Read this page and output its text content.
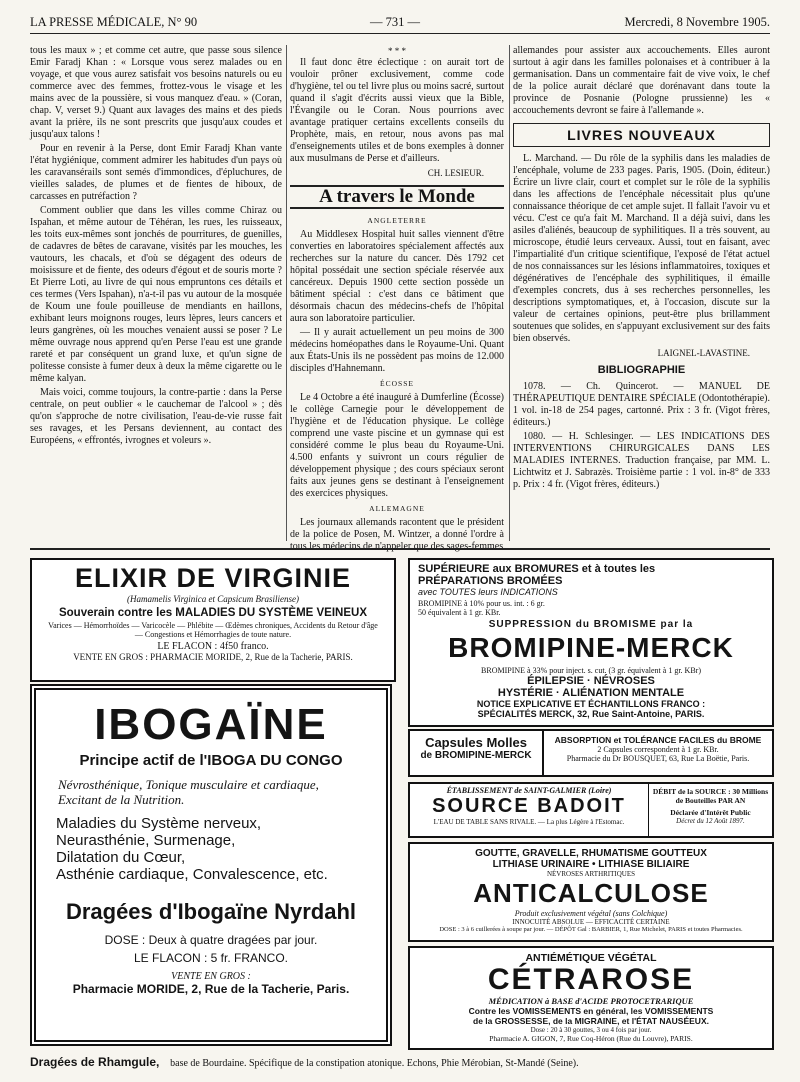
LA PRESSE MÉDICALE, N° 90	— 731 —	Mercredi, 8 Novembre 1905.

tous les maux » ; et comme cet autre, que passe sous silence Emir Faradj Khan : « Lorsque vous serez malades ou en voyage, et que vous aurez satisfait vos besoins naturels ou eu commerce avec des femmes, frottez-vous le visage et les mains avec de la poussière, si vous manquez d'eau. » (Coran, chap. V, verset 9.) Quant aux lavages des mains et des pieds avant la prière, ils ne sont prescrits que jusqu'aux coudes et jusqu'aux talons !

Pour en revenir à la Perse, dont Emir Faradj Khan vante l'état hygiénique, comment admirer les habitudes d'un pays où les caravansérails sont semés d'immondices, d'épluchures, de vieilles salades, de plumes et de fientes de hiboux, de carcasses en putréfaction ?

Comment oublier que dans les villes comme Chiraz ou Ispahan, et même autour de Téhéran, les rues, les ruisseaux, les toits eux-mêmes sont jonchés de pourritures, de guenilles, de cadavres de bêtes de caravane, visités par les mouches, les vautours, les chacals, et d'où se dégagent des odeurs de moisissure et de fiente, des odeurs d'égout et de souris morte ? Et Pierre Loti, au livre de qui nous empruntons ces détails et ces termes (Vers Ispahan), n'a-t-il pas vu autour de la mosquée de Koum une foule pouilleuse de mendiants en haillons, exhibant leurs moignons rouges, leurs lèpres, leurs cancers et leurs gangrènes, où les mouches venaient aussi se poser ? Le même ouvrage nous apprend qu'en Perse l'eau est une grande rareté et par conséquent un grand luxe, et qu'un signe de politesse consiste à fumer deux à deux la même cigarette ou le même kalyan.

Mais voici, comme toujours, la contre-partie : dans la Perse centrale, on peut oublier « le cauchemar de l'alcool » ; dès qu'on s'approche de notre civilisation, l'eau-de-vie russe fait ses ravages, et les Persans deviennent, au contact des Européens, « effrontés, ivrognes et voleurs ».

* * *

Il faut donc être éclectique : on aurait tort de vouloir prôner exclusivement, comme code d'hygiène, tel ou tel livre plus ou moins sacré, surtout quand il s'agit d'écrits aussi vieux que la Bible, l'Évangile ou le Coran. Nous pourrions avec avantage pratiquer certains excellents conseils du Prophète, mais, en retour, nous avons pas mal d'enseignements utiles et de bons exemples à donner aux musulmans de Perse et d'ailleurs.

CH. LESIEUR.
A travers le Monde
ANGLETERRE

Au Middlesex Hospital huit salles viennent d'être converties en laboratoires spécialement affectés aux recherches sur la nature du cancer. Dès 1792 cet hôpital possédait une section spéciale réservée aux cancéreux. Depuis 1900 cette section possède un bâtiment spécial : c'est dans ce bâtiment que désormais chacun des médecins-chefs de l'hôpital aura son laboratoire particulier.

— Il y aurait actuellement un peu moins de 300 médecins homéopathes dans le Royaume-Uni. Quant aux États-Unis ils ne possèdent pas moins de 12.000 disciples d'Hahnemann.

ÉCOSSE

Le 4 Octobre a été inauguré à Dumferline (Écosse) le collège Carnegie pour le développement de l'hygiène et de l'éducation physique. Le collège comprend une vaste piscine et un gymnase qui est considéré comme le plus beau du Royaume-Uni. 4.500 enfants y suivront un cours régulier de développement physique ; des cours spéciaux seront faits aux jeunes gens se destinant à l'enseignement des exercices physiques.

ALLEMAGNE

Les journaux allemands racontent que le président de la police de Posen, M. Wintzer, a donné l'ordre à tous les médecins de n'appeler que des sages-femmes

allemandes pour assister aux accouchements. Elles auront surtout à agir dans les familles polonaises et à contribuer à la germanisation. Dans un commentaire fait de vive voix, le chef de la police aurait déclaré que dorénavant dans toute la province de Posnanie (Pologne prussienne) les « accouchements devront se faire à l'allemande ».

LIVRES NOUVEAUX

L. Marchand. — Du rôle de la syphilis dans les maladies de l'encéphale, volume de 233 pages. Paris, 1905. (Doin, éditeur.) Écrire un livre clair, court et complet sur le rôle de la syphilis dans les affections de l'encéphale nécessitait plus qu'une connaissance théorique de cet ample sujet. Il fallait l'avoir vu et vécu. C'est ce qu'a fait M. Marchand. Il a déjà suivi, dans les asiles d'aliénés, beaucoup de syphilitiques. Il a très souvent, au microscope, étudié leurs cerveaux. Aussi, tout en faisant, avec l'impartialité d'un critique scientifique, l'exposé de l'état actuel de nos connaissances sur les lésions inflammatoires, toxiques et dégénératives de l'encéphale des syphilitiques, il émaille d'exemples concrets, dus à ses recherches personnelles, les descriptions symptomatiques, et, à l'occasion, discute sur la valeur de certaines opinions, peut-être plus brillamment soutenues que solides, en s'appuyant exclusivement sur des faits bien observés.

LAIGNEL-LAVASTINE.
BIBLIOGRAPHIE

1078. — Ch. Quincerot. — MANUEL DE THÉRAPEUTIQUE DENTAIRE SPÉCIALE (Odontothérapie). 1 vol. in-18 de 254 pages, cartonné. Prix : 3 fr. (Vigot frères, éditeurs.)

1080. — H. Schlesinger. — LES INDICATIONS DES INTERVENTIONS CHIRURGICALES DANS LES MALADIES INTERNES. Traduction française, par MM. L. Lichtwitz et J. Sabrazès. Troisième partie : 1 vol. in-8° de 333 p. Prix : 4 fr. (Vigot frères, éditeurs.)

ELIXIR DE VIRGINIE
(Hamamelis Virginica et Capsicum Brasiliense)
Souverain contre les MALADIES DU SYSTÈME VEINEUX
Varices — Hémorrhoïdes — Varicocèle — Phlébite — Œdèmes chroniques, Accidents du Retour d'âge — Congestions et Hémorrhagies de toute nature.
LE FLACON : 4f50 franco.
VENTE EN GROS : PHARMACIE MORIDE, 2, Rue de la Tacherie, PARIS.
IBOGAÏNE
Principe actif de l'IBOGA DU CONGO
Névrosthénique, Tonique musculaire et cardiaque, Excitant de la Nutrition.
Maladies du Système nerveux,
Neurasthénie, Surmenage,
Dilatation du Cœur,
Asthénie cardiaque, Convalescence, etc.
Dragées d'Ibogaïne Nyrdahl
DOSE : Deux à quatre dragées par jour.
LE FLACON : 5 fr. FRANCO.
VENTE EN GROS :
Pharmacie MORIDE, 2, Rue de la Tacherie, Paris.
SUPÉRIEURE aux BROMURES et à toutes les
PRÉPARATIONS BROMÉES
avec TOUTES leurs INDICATIONS
BROMIPINE à 10% pour us. int. : 6 gr. 50 équivalent à 1 gr. KBr.
SUPPRESSION du BROMISME par la
BROMIPINE-MERCK
BROMIPINE à 33% pour inject. s. cut. (3 gr. équivalent à 1 gr. KBr)
ÉPILEPSIE · NÉVROSES
HYSTÉRIE · ALIÉNATION MENTALE
NOTICE EXPLICATIVE ET ÉCHANTILLONS FRANCO :
SPÉCIALITÉS MERCK, 32, Rue Saint-Antoine, PARIS.
Capsules Molles
de BROMIPINE-MERCK
ABSORPTION et TOLÉRANCE FACILES du BROME
2 Capsules correspondent à 1 gr. KBr.
Pharmacie du Dr BOUSQUET, 63, Rue La Boëtie, Paris.
ÉTABLISSEMENT de SAINT-GALMIER (Loire)
SOURCE BADOIT
L'EAU DE TABLE SANS RIVALE. — La plus Légère à l'Estomac.
DÉBIT de la SOURCE : 30 Millions de Bouteilles PAR AN
Déclarée d'Intérêt Public
Décret du 12 Août 1897.
GOUTTE, GRAVELLE, RHUMATISME GOUTTEUX
LITHIASE URINAIRE • LITHIASE BILIAIRE
NÉVROSES ARTHRITIQUES
ANTICALCULOSE
Produit exclusivement végétal (sans Colchique)
INNOCUITÉ ABSOLUE — EFFICACITÉ CERTAINE
DOSE : 3 à 6 cuillerées à soupe par jour. — DÉPÔT Gal : BARBIER, 1, Rue Michelet, PARIS et toutes Pharmacies.
ANTIÉMÉTIQUE VÉGÉTAL
CÉTRAROSE
MÉDICATION à BASE d'ACIDE PROTOCETRARIQUE
Contre les VOMISSEMENTS en général, les VOMISSEMENTS
de la GROSSESSE, de la MIGRAINE, et l'ÉTAT NAUSÉEUX.
Dose : 20 à 30 gouttes, 3 ou 4 fois par jour.
Pharmacie A. GIGON, 7, Rue Coq-Héron (Rue du Louvre), PARIS.
Dragées de Rhamgule, base de Bourdaine. Spécifique de la constipation atonique. Echons, Phie Mérobian, St-Mandé (Seine).
